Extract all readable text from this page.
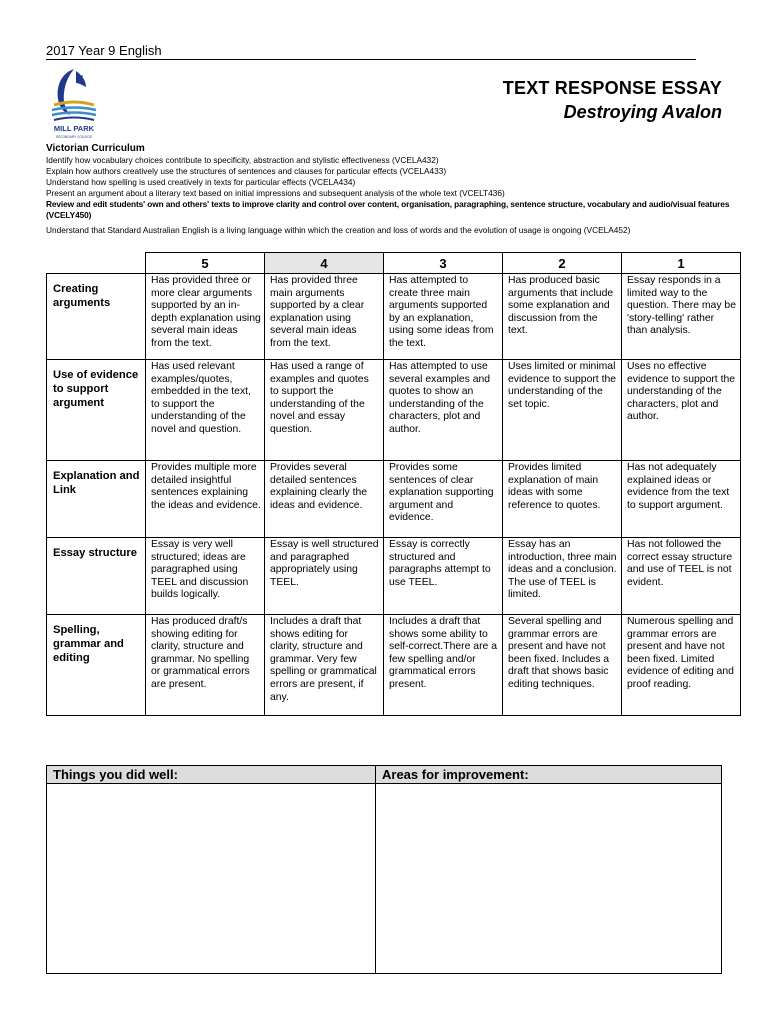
2017 Year 9 English
MILL PARK
SECONDARY COLLEGE
TEXT RESPONSE ESSAY
Destroying Avalon
Victorian Curriculum
Identify how vocabulary choices contribute to specificity, abstraction and stylistic effectiveness (VCELA432)
Explain how authors creatively use the structures of sentences and clauses for particular effects (VCELA433)
Understand how spelling is used creatively in texts for particular effects (VCELA434)
Present an argument about a literary text based on initial impressions and subsequent analysis of the whole text (VCELT436)
Review and edit students' own and others' texts to improve clarity and control over content, organisation, paragraphing, sentence structure, vocabulary and audio/visual features (VCELY450)
Understand that Standard Australian English is a living language within which the creation and loss of words and the evolution of usage is ongoing (VCELA452)
	5	4	3	2	1
Creating arguments	Has provided three or more clear arguments supported by an in-depth explanation using several main ideas from the text.	Has provided three main arguments supported by a clear explanation using several main ideas from the text.	Has attempted to create three main arguments supported by an explanation, using some ideas from the text.	Has produced basic arguments that include some explanation and discussion from the text.	Essay responds in a limited way to the question. There may be 'story-telling' rather than analysis.
Use of evidence to support argument	Has used relevant examples/quotes, embedded in the text, to support the understanding of the novel and question.	Has used a range of examples and quotes to support the understanding of the novel and essay question.	Has attempted to use several examples and quotes to show an understanding of the characters, plot and author.	Uses limited or minimal evidence to support the understanding of the set topic.	Uses no effective evidence to support the understanding of the characters, plot and author.
Explanation and Link	Provides multiple more detailed insightful sentences explaining the ideas and evidence.	Provides several detailed sentences explaining clearly the ideas and evidence.	Provides some sentences of clear explanation supporting argument and evidence.	Provides limited explanation of main ideas with some reference to quotes.	Has not adequately explained ideas or evidence from the text to support argument.
Essay structure	Essay is very well structured; ideas are paragraphed using TEEL and discussion builds logically.	Essay is well structured and paragraphed appropriately using TEEL.	Essay is correctly structured and paragraphs attempt to use TEEL.	Essay has an introduction, three main ideas and a conclusion. The use of TEEL is limited.	Has not followed the correct essay structure and use of TEEL is not evident.
Spelling, grammar and editing	Has produced draft/s showing editing for clarity, structure and grammar. No spelling or grammatical errors are present.	Includes a draft that shows editing for clarity, structure and grammar. Very few spelling or grammatical errors are present, if any.	Includes a draft that shows some ability to self-correct.There are a few spelling and/or grammatical errors present.	Several spelling and grammar errors are present and have not been fixed. Includes a draft that shows basic editing techniques.	Numerous spelling and grammar errors are present and have not been fixed. Limited evidence of editing and proof reading.
Things you did well:	Areas for improvement:
